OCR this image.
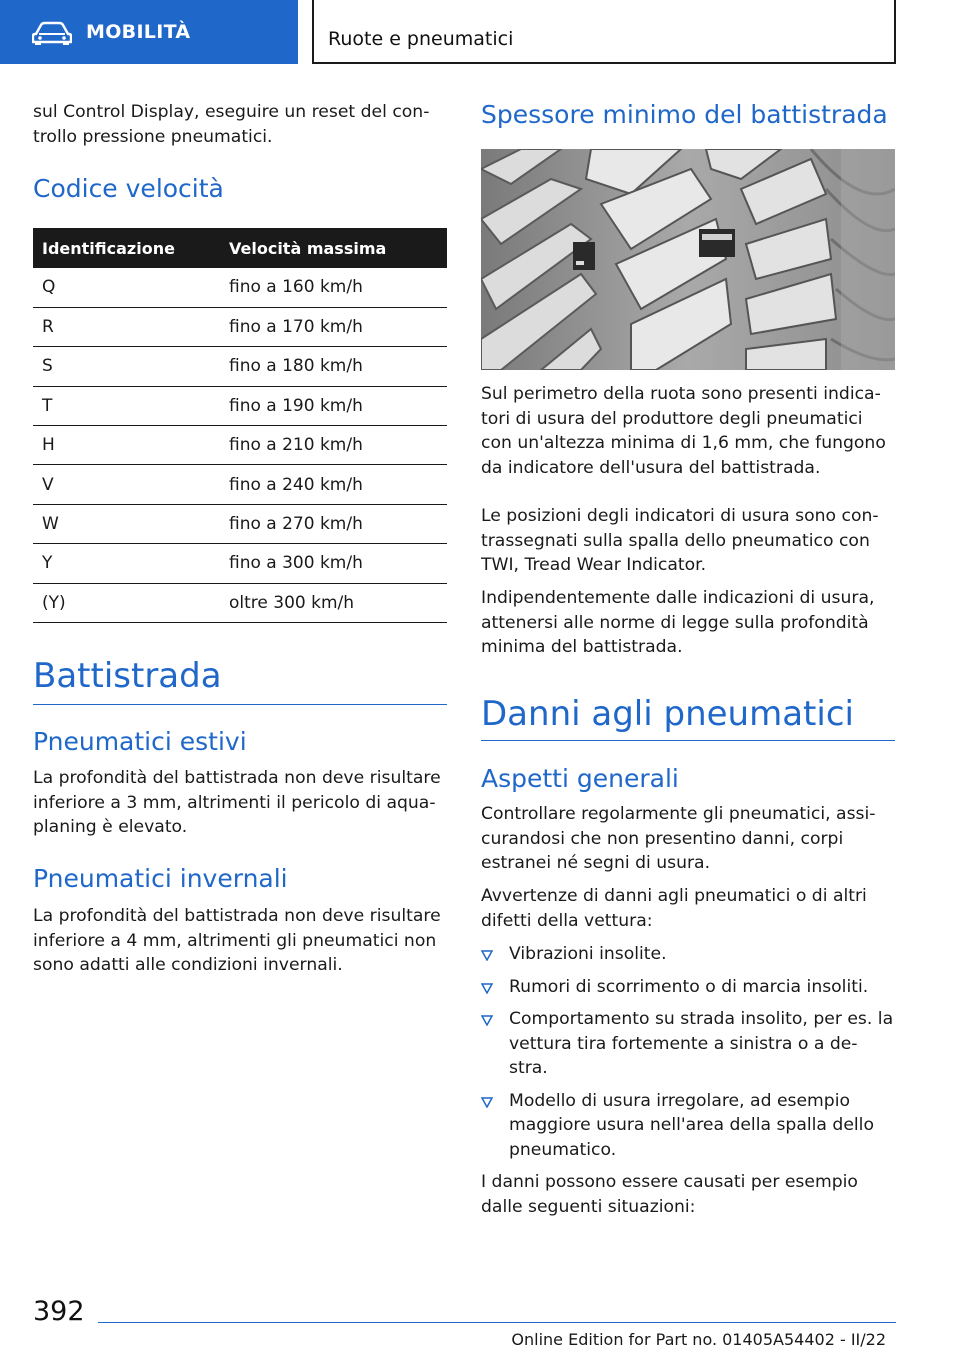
MOBILITÀ	Ruote e pneumatici

sul Control Display, eseguire un reset del con-trollo pressione pneumatici.

Codice velocità
Identificazione	Velocità massima
Q	fino a 160 km/h
R	fino a 170 km/h
S	fino a 180 km/h
T	fino a 190 km/h
H	fino a 210 km/h
V	fino a 240 km/h
W	fino a 270 km/h
Y	fino a 300 km/h
(Y)	oltre 300 km/h
Battistrada
Pneumatici estivi

La profondità del battistrada non deve risultare inferiore a 3 mm, altrimenti il pericolo di aqua-planing è elevato.

Pneumatici invernali

La profondità del battistrada non deve risultare inferiore a 4 mm, altrimenti gli pneumatici non sono adatti alle condizioni invernali.

Spessore minimo del battistrada

Sul perimetro della ruota sono presenti indica-tori di usura del produttore degli pneumatici con un'altezza minima di 1,6 mm, che fungono da indicatore dell'usura del battistrada.

Le posizioni degli indicatori di usura sono con-trassegnati sulla spalla dello pneumatico con TWI, Tread Wear Indicator.

Indipendentemente dalle indicazioni di usura, attenersi alle norme di legge sulla profondità minima del battistrada.

Danni agli pneumatici
Aspetti generali

Controllare regolarmente gli pneumatici, assi-curandosi che non presentino danni, corpi estranei né segni di usura.

Avvertenze di danni agli pneumatici o di altri difetti della vettura:

Vibrazioni insolite.
Rumori di scorrimento o di marcia insoliti.
Comportamento su strada insolito, per es. la vettura tira fortemente a sinistra o a de-stra.
Modello di usura irregolare, ad esempio maggiore usura nell'area della spalla dello pneumatico.

I danni possono essere causati per esempio dalle seguenti situazioni:

392
Online Edition for Part no. 01405A54402 - II/22
